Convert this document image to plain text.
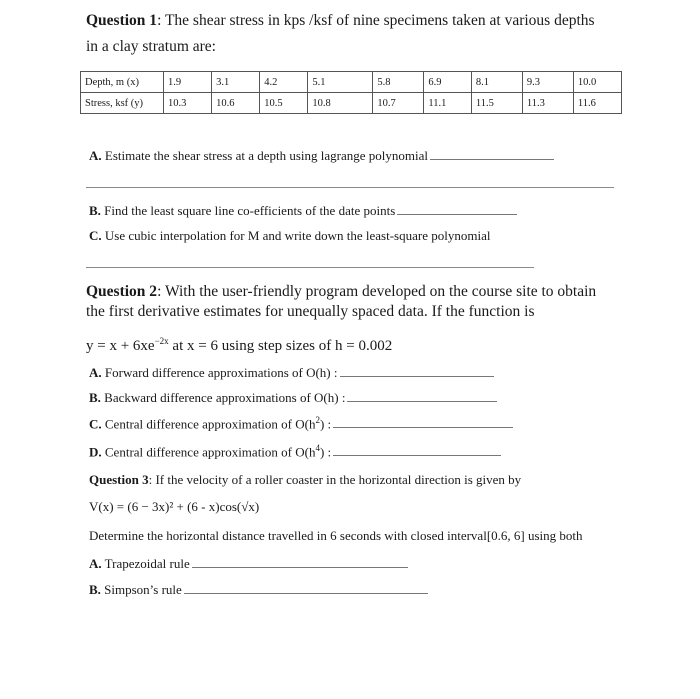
Question 1: The shear stress in kps /ksf of nine specimens taken at various depths
in a clay stratum are:
Depth, m (x)	1.9	3.1	4.2	5.1	5.8	6.9	8.1	9.3	10.0
Stress, ksf (y)	10.3	10.6	10.5	10.8	10.7	11.1	11.5	11.3	11.6
A. Estimate the shear stress at a depth using lagrange polynomial
B. Find the least square line co-efficients of the date points
C. Use cubic interpolation for M and write down the least-square polynomial
Question 2: With the user-friendly program developed on the course site to obtain
the first derivative estimates for unequally spaced data. If the function is
$y = x + 6xe^{-2x}$ at x = 6 using step sizes of h = 0.002
A. Forward difference approximations of O(h) :
B. Backward difference approximations of O(h) :
C. Central difference approximation of $O(h^2)$ :
D. Central difference approximation of $O(h^4)$ :
Question 3: If the velocity of a roller coaster in the horizontal direction is given by
V(x) = (6 − 3x)² + (6 - x)cos(√x)
Determine the horizontal distance travelled in 6 seconds with closed interval[0.6, 6] using both
A. Trapezoidal rule
B. Simpson’s rule
